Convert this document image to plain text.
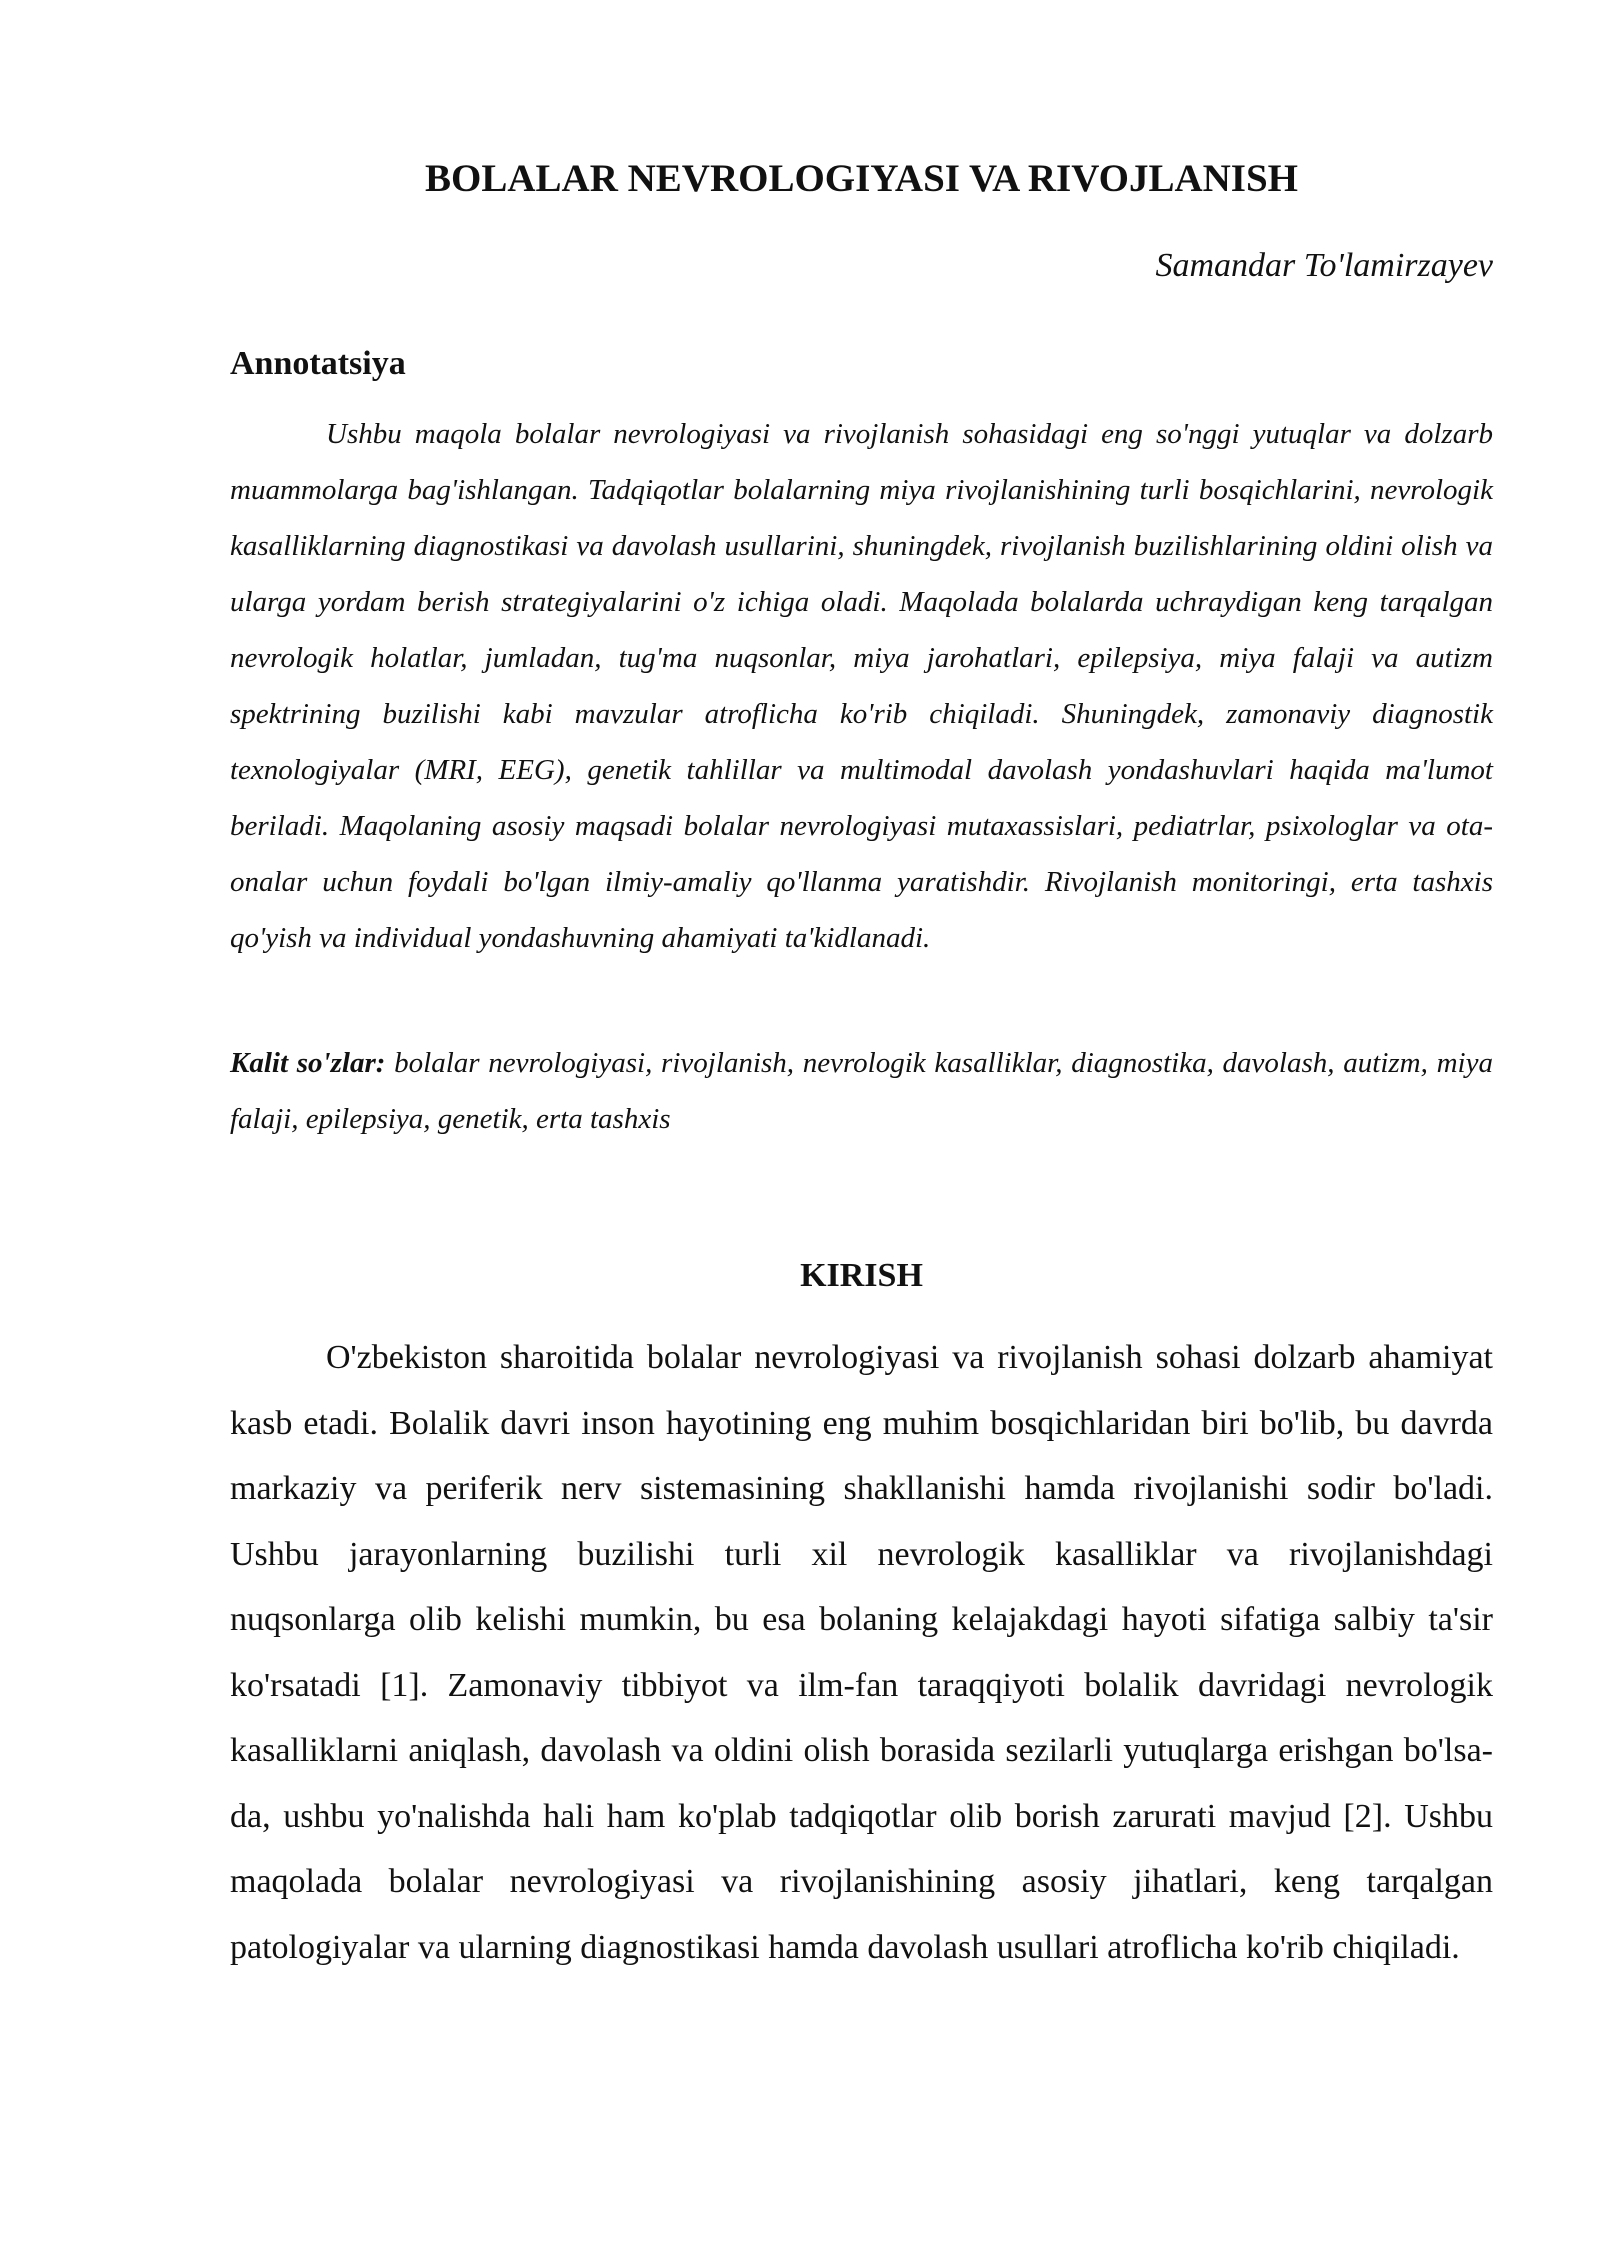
BOLALAR NEVROLOGIYASI VA RIVOJLANISH

Samandar To'lamirzayev

Annotatsiya

Ushbu maqola bolalar nevrologiyasi va rivojlanish sohasidagi eng so'nggi yutuqlar va dolzarb muammolarga bag'ishlangan. Tadqiqotlar bolalarning miya rivojlanishining turli bosqichlarini, nevrologik kasalliklarning diagnostikasi va davolash usullarini, shuningdek, rivojlanish buzilishlarining oldini olish va ularga yordam berish strategiyalarini o'z ichiga oladi. Maqolada bolalarda uchraydigan keng tarqalgan nevrologik holatlar, jumladan, tug'ma nuqsonlar, miya jarohatlari, epilepsiya, miya falaji va autizm spektrining buzilishi kabi mavzular atroflicha ko'rib chiqiladi. Shuningdek, zamonaviy diagnostik texnologiyalar (MRI, EEG), genetik tahlillar va multimodal davolash yondashuvlari haqida ma'lumot beriladi. Maqolaning asosiy maqsadi bolalar nevrologiyasi mutaxassislari, pediatrlar, psixologlar va ota-onalar uchun foydali bo'lgan ilmiy-amaliy qo'llanma yaratishdir. Rivojlanish monitoringi, erta tashxis qo'yish va individual yondashuvning ahamiyati ta'kidlanadi.

Kalit so'zlar: bolalar nevrologiyasi, rivojlanish, nevrologik kasalliklar, diagnostika, davolash, autizm, miya falaji, epilepsiya, genetik, erta tashxis

KIRISH

O'zbekiston sharoitida bolalar nevrologiyasi va rivojlanish sohasi dolzarb ahamiyat kasb etadi. Bolalik davri inson hayotining eng muhim bosqichlaridan biri bo'lib, bu davrda markaziy va periferik nerv sistemasining shakllanishi hamda rivojlanishi sodir bo'ladi. Ushbu jarayonlarning buzilishi turli xil nevrologik kasalliklar va rivojlanishdagi nuqsonlarga olib kelishi mumkin, bu esa bolaning kelajakdagi hayoti sifatiga salbiy ta'sir ko'rsatadi [1]. Zamonaviy tibbiyot va ilm-fan taraqqiyoti bolalik davridagi nevrologik kasalliklarni aniqlash, davolash va oldini olish borasida sezilarli yutuqlarga erishgan bo'lsa-da, ushbu yo'nalishda hali ham ko'plab tadqiqotlar olib borish zarurati mavjud [2]. Ushbu maqolada bolalar nevrologiyasi va rivojlanishining asosiy jihatlari, keng tarqalgan patologiyalar va ularning diagnostikasi hamda davolash usullari atroflicha ko'rib chiqiladi.
